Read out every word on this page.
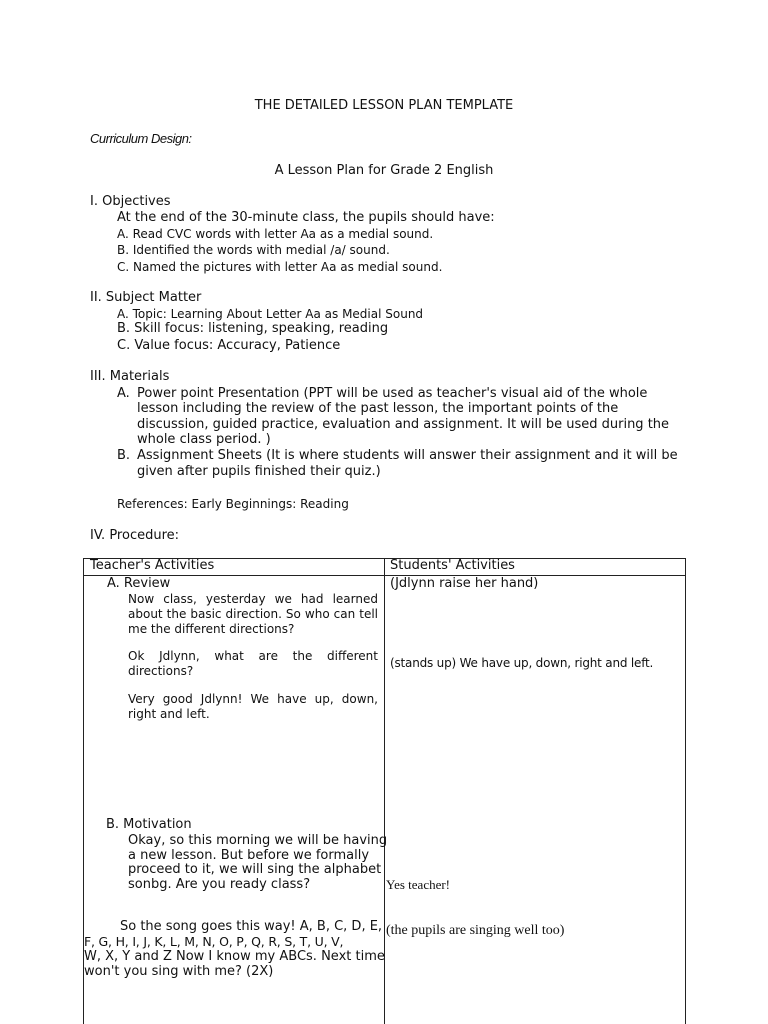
THE DETAILED LESSON PLAN TEMPLATE
Curriculum Design:
A Lesson Plan for Grade 2 English
I. Objectives
At the end of the 30-minute class, the pupils should have:
A. Read CVC words with letter Aa as a medial sound.
B. Identified the words with medial /a/ sound.
C. Named the pictures with letter Aa as medial sound.
II. Subject Matter
A. Topic: Learning About Letter Aa as Medial Sound
B. Skill focus: listening, speaking, reading
C. Value focus: Accuracy, Patience
III. Materials
A. Power point Presentation (PPT will be used as teacher's visual aid of the whole
lesson including the review of the past lesson, the important points of the
discussion, guided practice, evaluation and assignment. It will be used during the
whole class period. )
B. Assignment Sheets (It is where students will answer their assignment and it will be
given after pupils finished their quiz.)
References: Early Beginnings: Reading
IV. Procedure:
Teacher's Activities	Students' Activities
A. Review
Now class, yesterday we had learned about the basic direction. So who can tell me the different directions?
Ok Jdlynn, what are the different directions?
Very good Jdlynn! We have up, down, right and left.
(Jdlynn raise her hand)
(stands up) We have up, down, right and left.
B. Motivation
Okay, so this morning we will be having
a new lesson. But before we formally
proceed to it, we will sing the alphabet
sonbg. Are you ready class?
So the song goes this way! A, B, C, D, E,
F, G, H, I, J, K, L, M, N, O, P, Q, R, S, T, U, V,
W, X, Y and Z Now I know my ABCs. Next time
won't you sing with me? (2X)
Yes teacher!
(the pupils are singing well too)
